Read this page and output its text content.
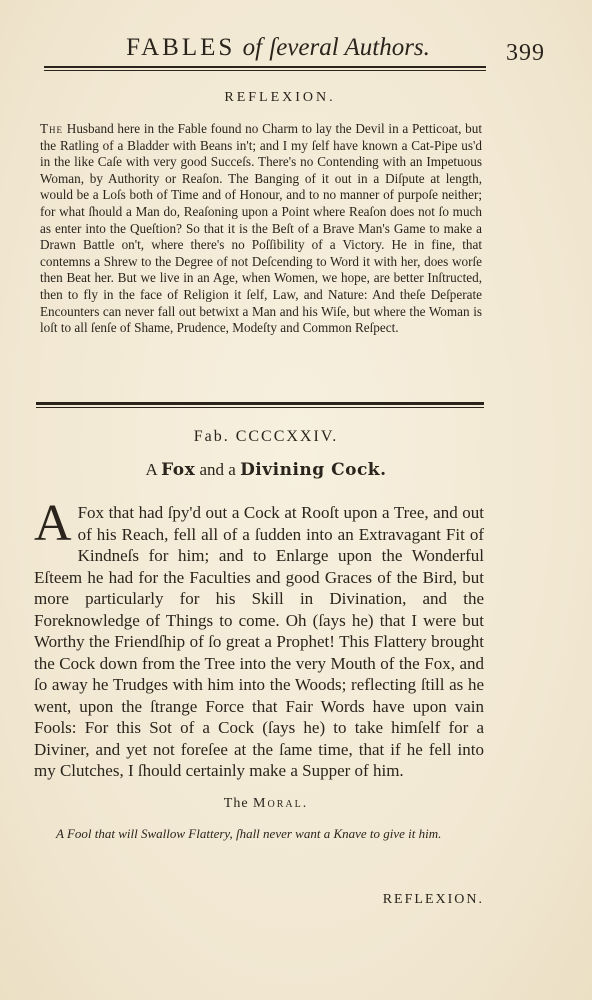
FABLES of ſeveral Authors.	399
REFLEXION.

The Husband here in the Fable found no Charm to lay the Devil in a Petticoat, but the Ratling of a Bladder with Beans in't; and I my ſelf have known a Cat-Pipe us'd in the like Caſe with very good Succeſs. There's no Contending with an Impetuous Woman, by Authority or Reaſon. The Banging of it out in a Diſpute at length, would be a Loſs both of Time and of Honour, and to no manner of purpoſe neither; for what ſhould a Man do, Reaſoning upon a Point where Reaſon does not ſo much as enter into the Queſtion? So that it is the Beſt of a Brave Man's Game to make a Drawn Battle on't, where there's no Poſſibility of a Victory. He in fine, that contemns a Shrew to the Degree of not Deſcending to Word it with her, does worſe then Beat her. But we live in an Age, when Women, we hope, are better Inſtructed, then to fly in the face of Religion it ſelf, Law, and Nature: And theſe Deſperate Encounters can never fall out betwixt a Man and his Wiſe, but where the Woman is loſt to all ſenſe of Shame, Prudence, Modeſty and Common Reſpect.

Fab. CCCCXXIV.
A Fox and a Divining Cock.
A Fox that had ſpy'd out a Cock at Rooſt upon a Tree, and out of his Reach, fell all of a ſudden into an Extravagant Fit of Kindneſs for him; and to Enlarge upon the Wonderful Eſteem he had for the Faculties and good Graces of the Bird, but more particularly for his Skill in Divination, and the Foreknowledge of Things to come. Oh (ſays he) that I were but Worthy the Friendſhip of ſo great a Prophet! This Flattery brought the Cock down from the Tree into the very Mouth of the Fox, and ſo away he Trudges with him into the Woods; reflecting ſtill as he went, upon the ſtrange Force that Fair Words have upon vain Fools: For this Sot of a Cock (ſays he) to take himſelf for a Diviner, and yet not foreſee at the ſame time, that if he fell into my Clutches, I ſhould certainly make a Supper of him.

The Moral.
A Fool that will Swallow Flattery, ſhall never want a Knave to give it him.
REFLEXION.
